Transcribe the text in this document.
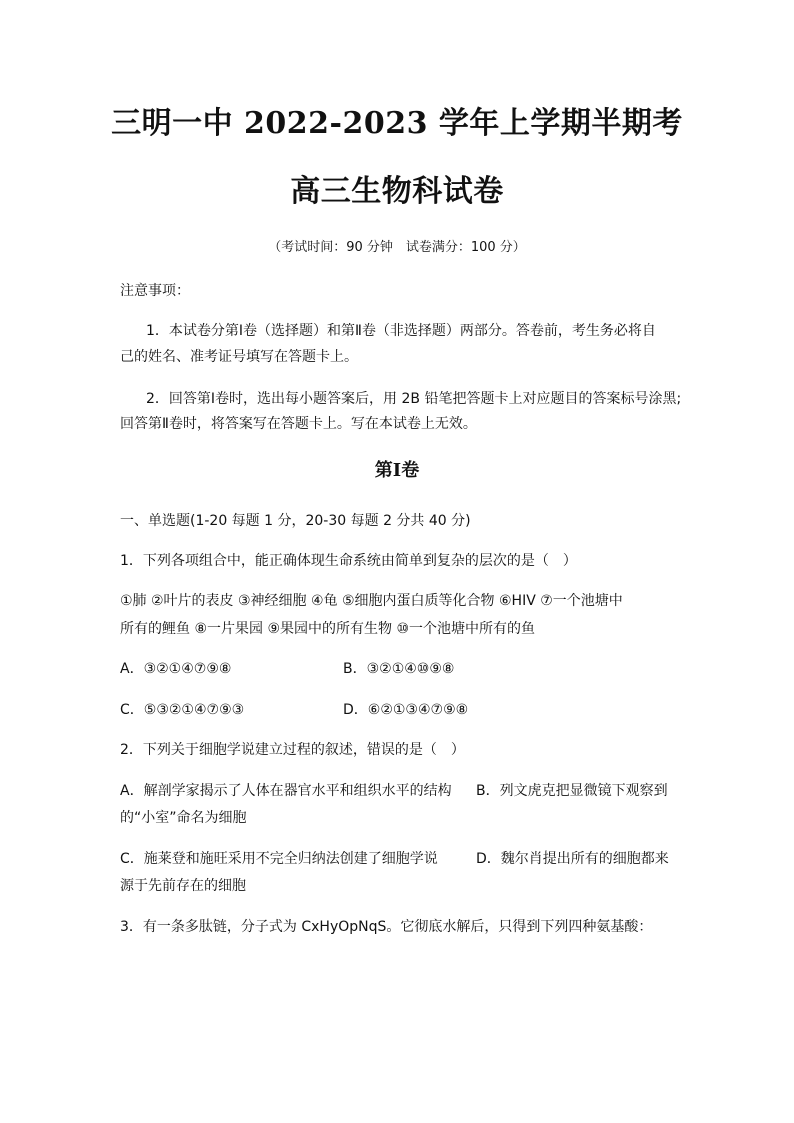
三明一中 2022-2023 学年上学期半期考
高三生物科试卷
（考试时间：90 分钟　试卷满分：100 分）
注意事项：
1．本试卷分第Ⅰ卷（选择题）和第Ⅱ卷（非选择题）两部分。答卷前，考生务必将自
己的姓名、准考证号填写在答题卡上。
2．回答第Ⅰ卷时，选出每小题答案后，用 2B 铅笔把答题卡上对应题目的答案标号涂黑;
回答第Ⅱ卷时，将答案写在答题卡上。写在本试卷上无效。
第Ⅰ卷
一、单选题(1-20 每题 1 分，20-30 每题 2 分共 40 分)
1．下列各项组合中，能正确体现生命系统由简单到复杂的层次的是（　）
①肺 ②叶片的表皮 ③神经细胞 ④龟 ⑤细胞内蛋白质等化合物 ⑥HIV ⑦一个池塘中
所有的鲤鱼 ⑧一片果园 ⑨果园中的所有生物 ⑩一个池塘中所有的鱼
A．③②①④⑦⑨⑧	B．③②①④⑩⑨⑧
C．⑤③②①④⑦⑨③	D．⑥②①③④⑦⑨⑧
2．下列关于细胞学说建立过程的叙述，错误的是（　）
A．解剖学家揭示了人体在器官水平和组织水平的结构 B．列文虎克把显微镜下观察到
的“小室”命名为细胞
C．施莱登和施旺采用不完全归纳法创建了细胞学说	D．魏尔肖提出所有的细胞都来
源于先前存在的细胞
3．有一条多肽链，分子式为 CxHyOpNqS。它彻底水解后，只得到下列四种氨基酸：
